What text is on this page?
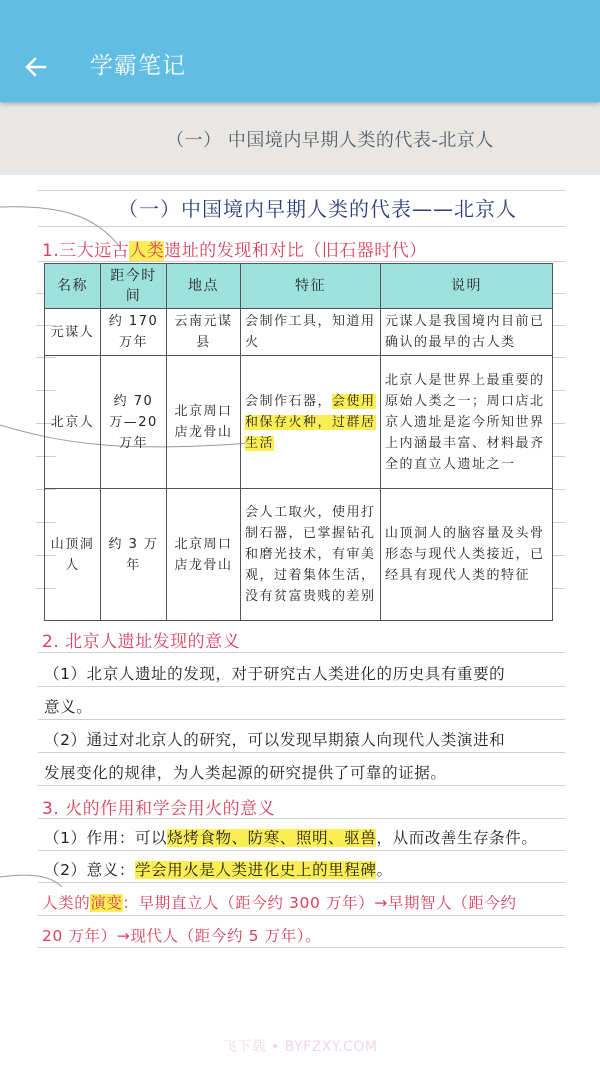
学霸笔记
（一） 中国境内早期人类的代表-北京人
（一）中国境内早期人类的代表——北京人
1.三大远古人类遗址的发现和对比（旧石器时代）
名称	距今时间	地点	特征	说明
元谋人	约 170 万年	云南元谋县	会制作工具，知道用火	元谋人是我国境内目前已确认的最早的古人类
北京人	约 70 万—20 万年	北京周口店龙骨山	会制作石器，会使用和保存火种，过群居生活	北京人是世界上最重要的原始人类之一；周口店北京人遗址是迄今所知世界上内涵最丰富、材料最齐全的直立人遗址之一
山顶洞人	约 3 万年	北京周口店龙骨山	会人工取火，使用打制石器，已掌握钻孔和磨光技术，有审美观，过着集体生活，没有贫富贵贱的差别	山顶洞人的脑容量及头骨形态与现代人类接近，已经具有现代人类的特征
2. 北京人遗址发现的意义
（1）北京人遗址的发现，对于研究古人类进化的历史具有重要的
意义。
（2）通过对北京人的研究，可以发现早期猿人向现代人类演进和
发展变化的规律，为人类起源的研究提供了可靠的证据。
3. 火的作用和学会用火的意义
（1）作用：可以烧烤食物、防寒、照明、驱兽，从而改善生存条件。
（2）意义：学会用火是人类进化史上的里程碑。
人类的演变：早期直立人（距今约 300 万年）→早期智人（距今约
20 万年）→现代人（距今约 5 万年）。
飞下载 • BYFZXY.COM
